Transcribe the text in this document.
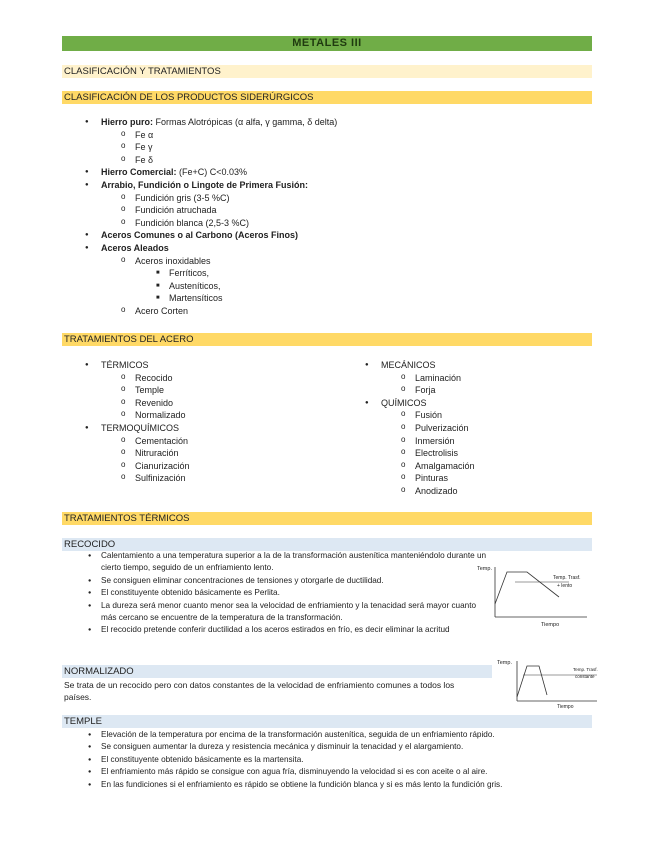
METALES III
CLASIFICACIÓN Y TRATAMIENTOS
CLASIFICACIÓN DE LOS PRODUCTOS SIDERÚRGICOS
● Hierro puro: Formas Alotrópicas (α alfa, γ gamma, δ delta)
o Fe α
o Fe γ
o Fe δ
● Hierro Comercial: (Fe+C) C<0.03%
● Arrabio, Fundición o Lingote de Primera Fusión:
o Fundición gris (3-5 %C)
o Fundición atruchada
o Fundición blanca (2,5-3 %C)
● Aceros Comunes o al Carbono (Aceros Finos)
● Aceros Aleados
o Aceros inoxidables
■ Ferríticos,
■ Austeníticos,
■ Martensíticos
o Acero Corten
TRATAMIENTOS DEL ACERO
● TÉRMICOS
o Recocido
o Temple
o Revenido
o Normalizado
● TERMOQUÍMICOS
o Cementación
o Nitruración
o Cianurización
o Sulfinización
● MECÁNICOS
o Laminación
o Forja
● QUÍMICOS
o Fusión
o Pulverización
o Inmersión
o Electrolisis
o Amalgamación
o Pinturas
o Anodizado
TRATAMIENTOS TÉRMICOS
RECOCIDO
● Calentamiento a una temperatura superior a la de la transformación austenítica manteniéndolo durante un cierto tiempo, seguido de un enfriamiento lento.
● Se consiguen eliminar concentraciones de tensiones y otorgarle de ductilidad.
● El constituyente obtenido básicamente es Perlita.
● La dureza será menor cuanto menor sea la velocidad de enfriamiento y la tenacidad será mayor cuanto más cercano se encuentre de la temperatura de la transformación.
● El recocido pretende conferir ductilidad a los aceros estirados en frío, es decir eliminar la acritud
Temp.
Temp. Trasf.
+ lento
Tiempo
NORMALIZADO
Se trata de un recocido pero con datos constantes de la velocidad de enfriamiento comunes a todos los países.
Temp.
Temp. Trasf.
constante
Tiempo
TEMPLE
● Elevación de la temperatura por encima de la transformación austenítica, seguida de un enfriamiento rápido.
● Se consiguen aumentar la dureza y resistencia mecánica y disminuir la tenacidad y el alargamiento.
● El constituyente obtenido básicamente es la martensita.
● El enfriamiento más rápido se consigue con agua fría, disminuyendo la velocidad si es con aceite o al aire.
● En las fundiciones si el enfriamiento es rápido se obtiene la fundición blanca y si es más lento la fundición gris.
